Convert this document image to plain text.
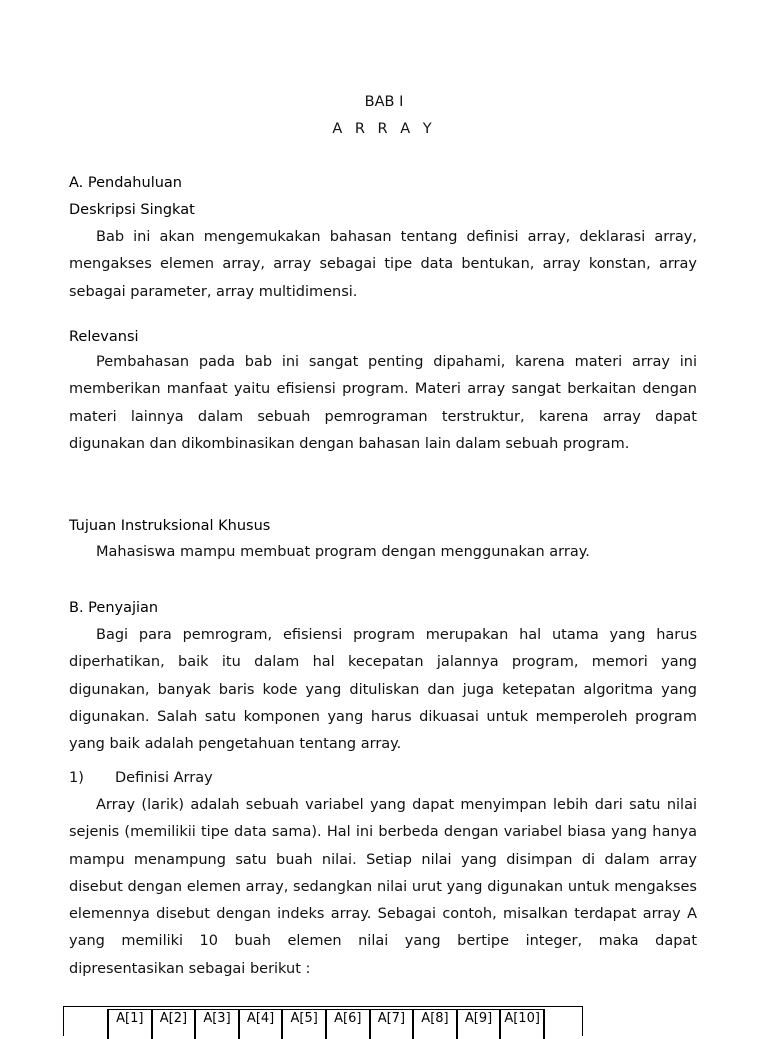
BAB I
A R R A Y
A. Pendahuluan
Deskripsi Singkat

Bab ini akan mengemukakan bahasan tentang definisi array, deklarasi array, mengakses elemen array, array sebagai tipe data bentukan, array konstan, array sebagai parameter, array multidimensi.

Relevansi

Pembahasan pada bab ini sangat penting dipahami, karena materi array ini memberikan manfaat yaitu efisiensi program. Materi array sangat berkaitan dengan materi lainnya dalam sebuah pemrograman terstruktur, karena array dapat digunakan dan dikombinasikan dengan bahasan lain dalam sebuah program.

Tujuan Instruksional Khusus

Mahasiswa mampu membuat program dengan menggunakan array.

B. Penyajian

Bagi para pemrogram, efisiensi program merupakan hal utama yang harus diperhatikan, baik itu dalam hal kecepatan jalannya program, memori yang digunakan, banyak baris kode yang dituliskan dan juga ketepatan algoritma yang digunakan. Salah satu komponen yang harus dikuasai untuk memperoleh program yang baik adalah pengetahuan tentang array.

1) Definisi Array

Array (larik) adalah sebuah variabel yang dapat menyimpan lebih dari satu nilai sejenis (memilikii tipe data sama). Hal ini berbeda dengan variabel biasa yang hanya mampu menampung satu buah nilai. Setiap nilai yang disimpan di dalam array disebut dengan elemen array, sedangkan nilai urut yang digunakan untuk mengakses elemennya disebut dengan indeks array. Sebagai contoh, misalkan terdapat array A yang memiliki 10 buah elemen nilai yang bertipe integer, maka dapat dipresentasikan sebagai berikut :

A[1]	A[2]	A[3]	A[4]	A[5]	A[6]	A[7]	A[8]	A[9] A[10]
